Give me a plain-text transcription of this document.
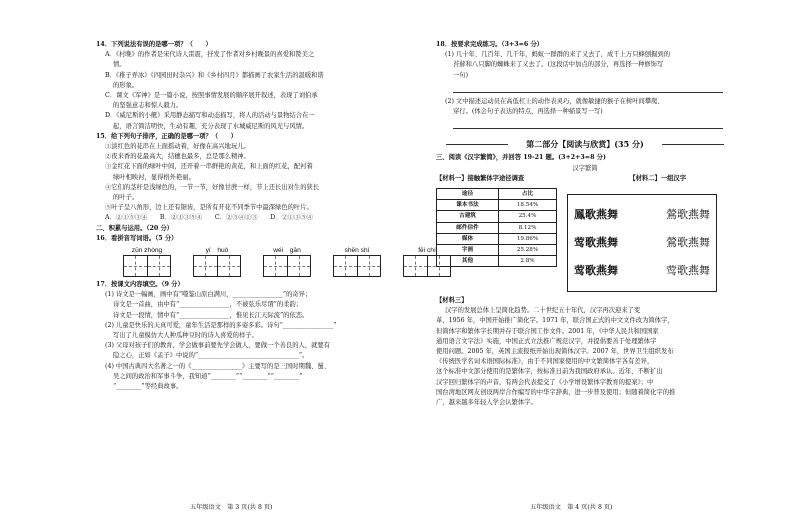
14．下列说法有误的是哪一项？（　　）
A．《村晚》的作者是宋代诗人雷震，抒发了作者对乡村晚景的喜爱和赞美之
情。
B．《稚子弄冰》《四园田时杂兴》和《乡村四月》都描画了农家生活的温暖和谐
的形象。
C．课文《军神》是一篇小说，按照事情发展的顺序展开叙述，表现了刘伯承
的坚强意志和惊人毅力。
D．《威尼斯的小艇》采用静态描写和动态描写，将人的活动与景物结合在一
起，语言简洁明快，生动有趣，充分表现了水城威尼斯的风光与风情。
15．给下列句子排序，正确的是哪一项？（　　）
①淡红色的花串在上面摇动着，好像在高兴地玩儿。
②夜来香的花最高大，结穗也最多，总是那么精神。
③金红花下面的绿叶中间，还开着一串鲜艳的黄花，和上面的红花，配衬着
绿叶相映衬，显得格外艳丽。
④它们的茎秆是浅绿色的，一节一节，好像甘蔗一样，节上还长出对生的狭长
的叶子。
⑤叶子呈八角形，边上还有锯齿，是所有开花不同季节中最深绿色的叶片。
A．②①⑤③④　　B．②①③⑤④　　C．②⑤④①③　　D．②①③⑤④
二、积累与运用。（20 分）
16．看拼音写词语。（5 分）
zūn zhòng	yí　huò	wéi　gān	shēn shì	fēi chí
17．按课文内容填空。（9 分）
(1) 诗文是一幅画，画中有“噬鉴山原白满川，________________”的奇异；
诗文是一首曲，由中有“________________，不被弦乐尽谓”的柔韵；
诗文是一段情，情中有“________________，惟见长江天际流”的依恋。
(2) 儿童是快乐的天真可爱，童年生活是那样的多姿多彩。诗句“________________”
写出了儿童模仿大人种瓜种豆时的诗人喜爱的样子。
(3) 父母对孩子们的教育，学会做事前要先学会做人，要做一个善良的人，就要有
隐之心，正如《孟子》中说的“________________________________”。
(4) 中国古典四大名著之一的《________________》主要写的是三国时期魏、蜀、
吴之间的政治和军事斗争，我知道“________”“________”“________”
“________”等经典故事。
18．按要求完成练习。（3+3=6 分）
(1) 几十年、几百年、几千年，蚂蚁一群群的来了又去了，成千上万只蜂刨掘到的
苔藓和八只脚的蜘蛛来了又去了。(这段话中加点的部分，再选择一种修饰写
一句)
(2) 文中描述运动员在高低杠上的动作表灵巧，就像敏捷的猴子在树叶间攀爬、
穿行。(体会句子表达的特点，再选择一种描景写一写)
第二部分【阅读与欣赏】(35 分)
三、阅读《汉字繁简》，并回答 19-21 题。(3+2+3=8 分)
汉字繁简
【材料一】接触繁体字途径调查	【材料二】一组汉字
途径	占比
课本书法	18.54%
古建筑	25.4%
邮件信件	8.12%
媒体	19.86%
字画	25.28%
其他	2.8%
鳳歌燕舞	鶯歌燕舞
莺歌燕舞	鶯歌燕舞
莺歌燕舞	莺歌燕舞
【材料三】
汉字的发展总体上呈简化趋势。二十世纪五十年代，汉字再次迎来了变
革，1956 年，中国开始推广简化字。1971 年，联合国正式的中文文件改为简体字，
但简体字和繁体字长期并存于联合国工作文件。2001 年，《中华人民共和国国家
通用语言文字法》实施，中国正式立法推广规范汉字，并提倡要善于处理繁体字
使用问题。2005 年，英国主流报纸开始出现简体汉字。2007 年，世界卫生组织发布
《传统医学名词术语国际标准》，由于不同国家使用的中文繁简体字各有差异，
这个标准中文部分使用的是繁体字，按标准日前为我国政府承认。近年，不断扩出
汉字回归繁体字的声音，有两会代表提交了《小学增设繁体字教育的提案》；中
国台湾地区网友创设两岸合作编写的中华字辞典，进一步普及使用；但随着简化字的推
广，越来越多年轻人学会认繁体字。
五年级语文　第 3 页(共 8 页)	五年级语文　第 4 页(共 8 页)
